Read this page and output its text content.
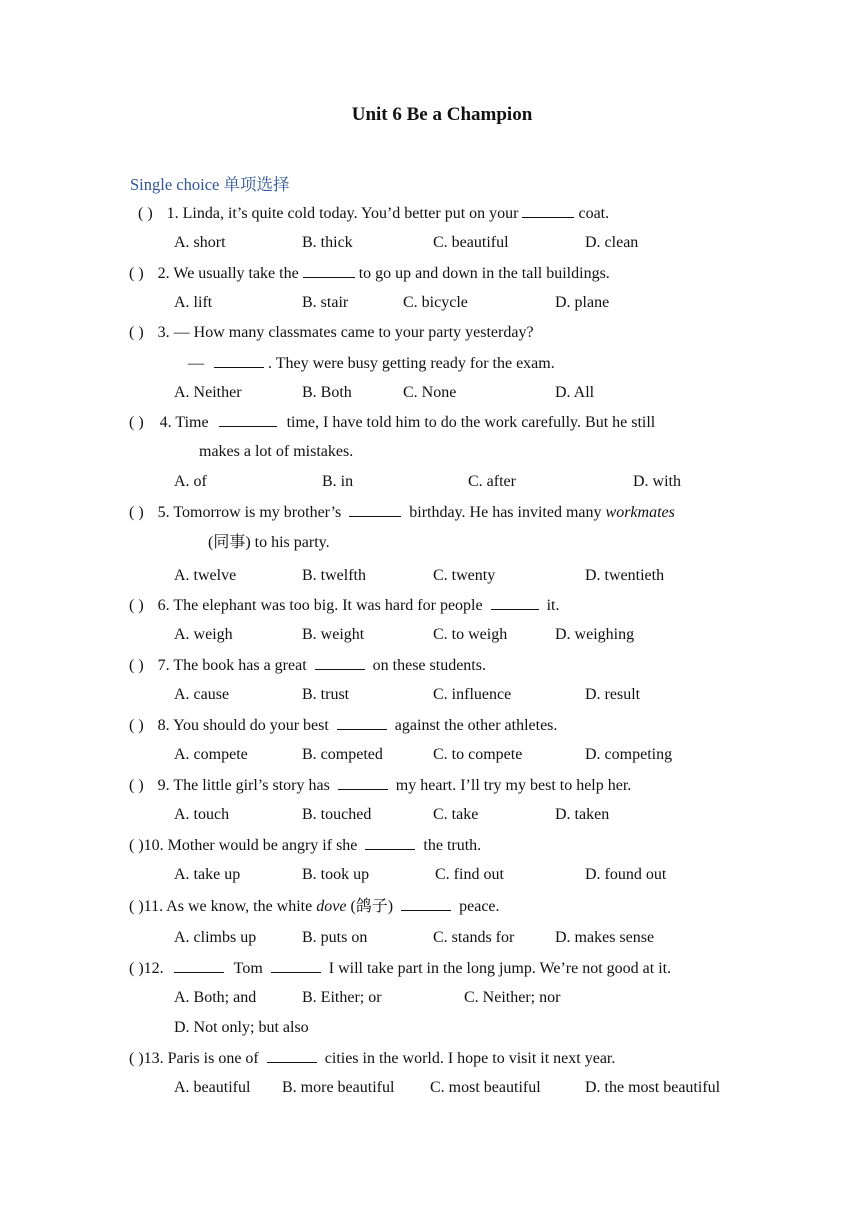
Unit 6 Be a Champion
Single choice 单项选择
( ) 1. Linda, it’s quite cold today. You’d better put on your	coat.
A. short	B. thick	C. beautiful	D. clean
( ) 2. We usually take the	to go up and down in the tall buildings.
A. lift	B. stair	C. bicycle	D. plane
( ) 3. — How many classmates came to your party yesterday?
—	. They were busy getting ready for the exam.
A. Neither	B. Both	C. None	D. All
( ) 4. Time	time, I have told him to do the work carefully. But he still
makes a lot of mistakes.
A. of	B. in	C. after	D. with
( ) 5. Tomorrow is my brother’s	birthday. He has invited many workmates
(同事) to his party.
A. twelve	B. twelfth	C. twenty	D. twentieth
( ) 6. The elephant was too big. It was hard for people	it.
A. weigh	B. weight	C. to weigh	D. weighing
( ) 7. The book has a great	on these students.
A. cause	B. trust	C. influence	D. result
( ) 8. You should do your best	against the other athletes.
A. compete	B. competed	C. to compete	D. competing
( ) 9. The little girl’s story has	my heart. I’ll try my best to help her.
A. touch	B. touched	C. take	D. taken
( )10. Mother would be angry if she	the truth.
A. take up	B. took up	C. find out	D. found out
( )11. As we know, the white dove (鸽子)	peace.
A. climbs up	B. puts on	C. stands for	D. makes sense
( )12.	Tom	I will take part in the long jump. We’re not good at it.
A. Both; and	B. Either; or	C. Neither; nor
D. Not only; but also
( )13. Paris is one of	cities in the world. I hope to visit it next year.
A. beautiful B. more beautiful C. most beautiful	D. the most beautiful
